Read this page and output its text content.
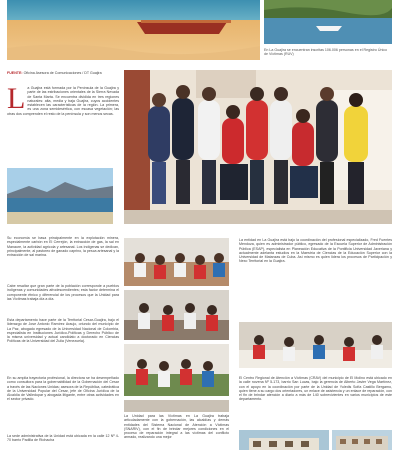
En La Guajira se encuentran inscritas 106.006 personas en el Registro Único de Víctimas (RUV)
FUENTE: Oficina Asesora de Comunicaciones / DT Guajira
L a Guajira está formada por la Península de la Guajira y parte de las estribaciones orientales de la Sierra Nevada de Santa Marta. Se encuentra dividida en tres regiones naturales: alta, media y baja Guajira, cuyos accidentes establecen las características de la región. La primera, es una zona semidesértica, con escasa vegetación; las otras dos comprenden el resto de la península y son menos secas.
Su economía se basa principalmente en la explotación minera, especialmente carbón en El Cerrejón, la extracción de gas, la sal en Manaure, la actividad agrícola y artesanal. Los indígenas se dedican, principalmente, al pastoreo de ganado caprino, la pesca artesanal y la extracción de sal marina.
Cabe resaltar que gran parte de la población corresponde a pueblos indígenas y comunidades afrodescendientes; esta factor determina el componente étnico y diferencial de los procesos que la Unidad para las Víctimas trabaja día a día.
Esta departamento hace parte de la Territorial Cesar-Guajira, bajo el liderazgo de Jose Antonio Ramírez Araujo, oriundo del municipio de La Paz, abogado egresado de la Universidad Nacional de Colombia, especialista en Instituciones Jurídico-Políticas y Derecho Público de la misma universidad y actual candidato a doctorado en Ciencias Políticas de la Universidad del Zulia (Venezuela).
En su amplia trayectoria profesional, la directora se ha desempeñado como consultora para la gobernabilidad de la Gobernación del Cesar a través de las Naciones Unidas; asesora de la República, catedrática de la Universidad Popular del Cesar, jefe de Oficina Jurídica de la Alcaldía de Valledupar y abogada litigante, entre otras actividades en el sector privado.
La sede administrativa de la Unidad está ubicada en la calle 12 Nº 4-70 barrio Padilla de Riohacha
La Unidad para las Víctimas en La Guajira trabaja articuladamente con la gobernación, las alcaldías y demás entidades del Sistema Nacional de Atención a Víctimas (SNARIV), con el fin de brindar mejores condiciones en el proceso de reparación integral a las víctimas del conflicto armado, realizando una mejor
La entidad en La Guajira está bajo la coordinación del profesional especializado, Fred Fuentes Mendoza, quien es administrador público, egresado de la Escuela Superior de Administración Pública (ESAP), especialista en Planeación Educativa de la Pontificia Universidad Javeriana y actualmente adelanta estudios en la Maestría de Ciencias de la Educación Superior con la Universidad de Matanzas de Cuba. Así mismo es quien lidera los procesos de Participación y Nexo Territorial en la Guajira.
El Centro Regional de Atención a Víctimas (CRAV) del municipio de El Molino está ubicado en la calle novena Nº 5-173, barrio San Lucas, bajo la gerencia de Alberto Javier Vega Martínez, con el apoyo en la coordinación por parte de la Unidad de Yuledis Sofía Castillo Bergamo, quien tiene a su cargo dos orientadores, un enlace de asistencia y un enlace de reparación, con el fin de brindar atención a diario a más de 140 sobrevivientes en varios municipios de este departamento.
